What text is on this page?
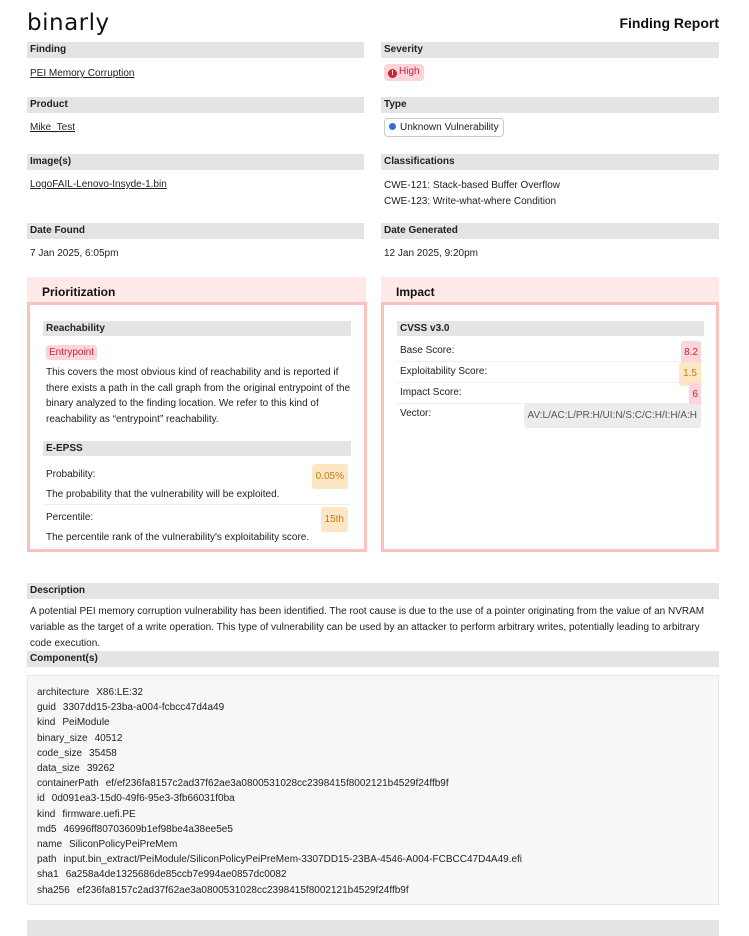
binarly	Finding Report
Finding
PEI Memory Corruption
Severity
! High
Product
Mike_Test
Type
Unknown Vulnerability
Image(s)
LogoFAIL-Lenovo-Insyde-1.bin
Classifications
CWE-121: Stack-based Buffer Overflow
CWE-123: Write-what-where Condition
Date Found
7 Jan 2025, 6:05pm
Date Generated
12 Jan 2025, 9:20pm
Prioritization
Reachability
Entrypoint
This covers the most obvious kind of reachability and is reported if there exists a path in the call graph from the original entrypoint of the binary analyzed to the finding location. We refer to this kind of reachability as “entrypoint” reachability.
E-EPSS
Probability:	0.05%
The probability that the vulnerability will be exploited.
Percentile:	15th
The percentile rank of the vulnerability's exploitability score.
Impact
CVSS v3.0
Base Score:	8.2
Exploitability Score:	1.5
Impact Score:	6
Vector:	AV:L/AC:L/PR:H/UI:N/S:C/C:H/I:H/A:H
Description
A potential PEI memory corruption vulnerability has been identified. The root cause is due to the use of a pointer originating from the value of an NVRAM variable as the target of a write operation. This type of vulnerability can be used by an attacker to perform arbitrary writes, potentially leading to arbitrary code execution.
Component(s)
architecture X86:LE:32
guid 3307dd15-23ba-a004-fcbcc47d4a49
kind PeiModule
binary_size 40512
code_size 35458
data_size 39262
containerPath ef/ef236fa8157c2ad37f62ae3a0800531028cc2398415f8002121b4529f24ffb9f
id 0d091ea3-15d0-49f6-95e3-3fb66031f0ba
kind firmware.uefi.PE
md5 46996ff80703609b1ef98be4a38ee5e5
name SiliconPolicyPeiPreMem
path input.bin_extract/PeiModule/SiliconPolicyPeiPreMem-3307DD15-23BA-4546-A004-FCBCC47D4A49.efi
sha1 6a258a4de1325686de85ccb7e994ae0857dc0082
sha256 ef236fa8157c2ad37f62ae3a0800531028cc2398415f8002121b4529f24ffb9f
